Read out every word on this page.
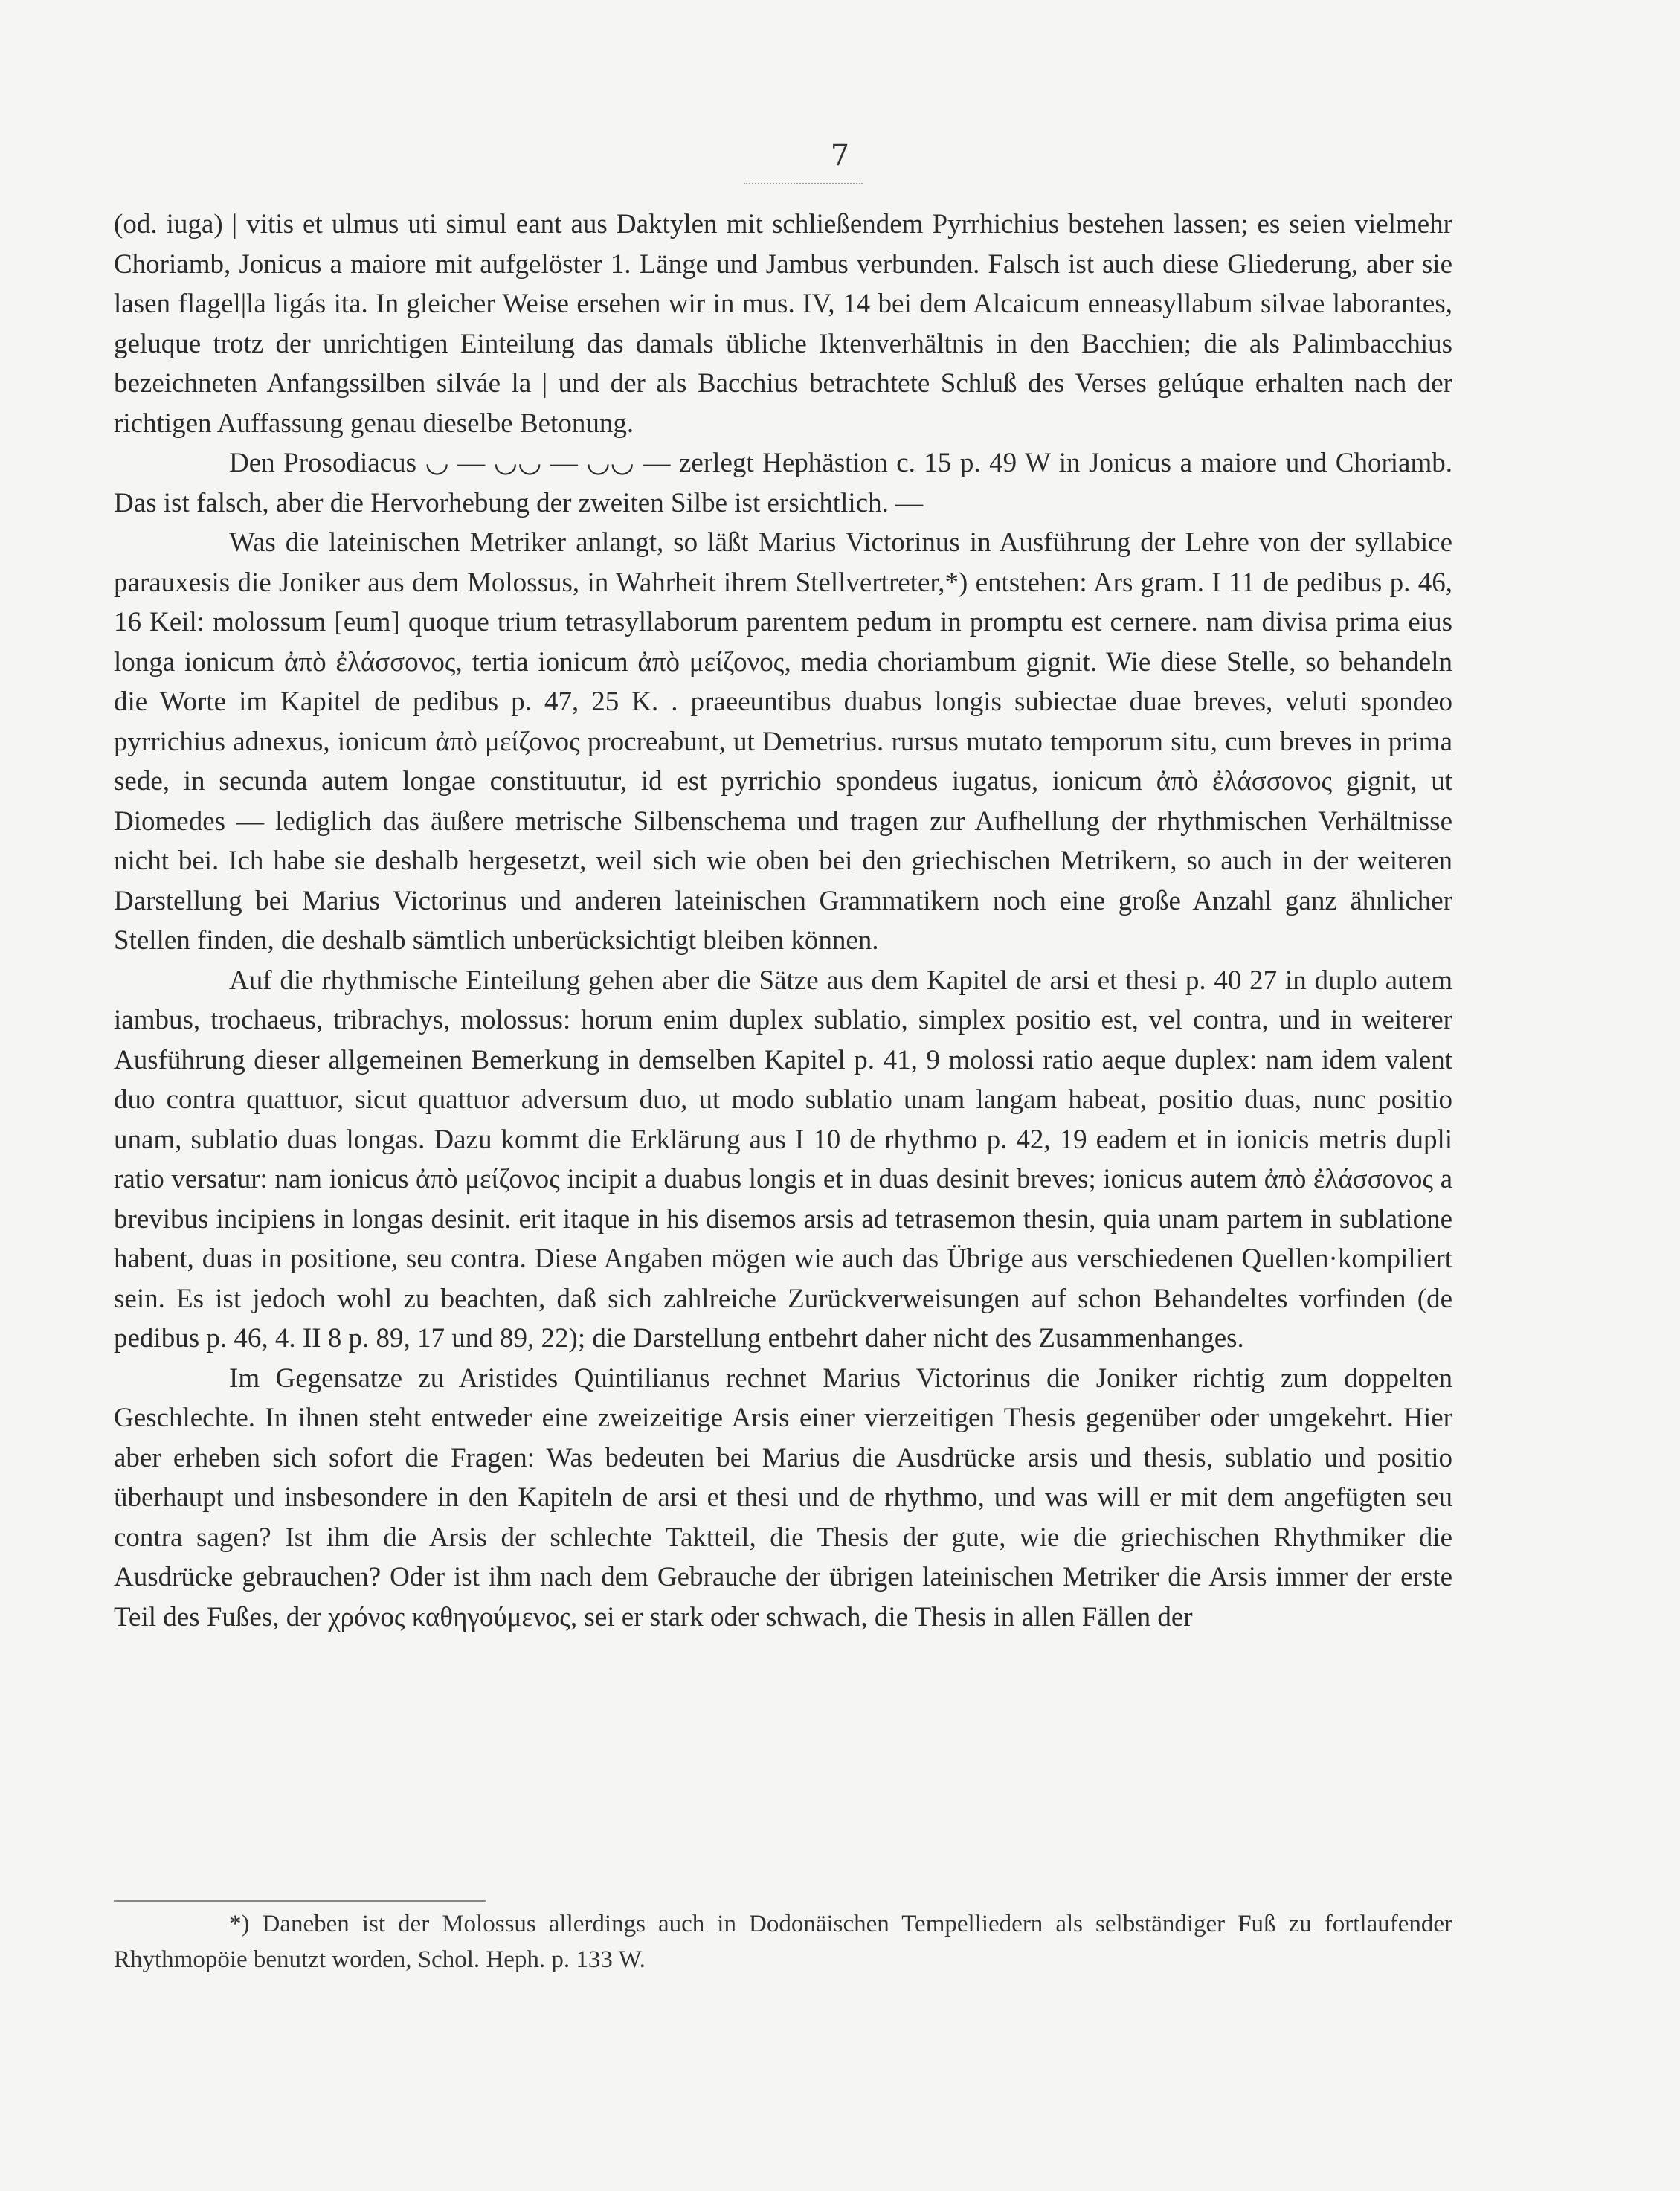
7

(od. iuga) | vitis et ulmus uti simul eant aus Daktylen mit schließendem Pyrrhichius bestehen lassen; es seien vielmehr Choriamb, Jonicus a maiore mit aufgelöster 1. Länge und Jambus verbunden. Falsch ist auch diese Gliederung, aber sie lasen flagel|la ligás ita. In gleicher Weise ersehen wir in mus. IV, 14 bei dem Alcaicum enneasyllabum silvae laborantes, geluque trotz der unrichtigen Einteilung das damals übliche Iktenverhältnis in den Bacchien; die als Palimbacchius bezeichneten Anfangssilben silváe la | und der als Bacchius betrachtete Schluß des Verses gelúque erhalten nach der richtigen Auffassung genau dieselbe Betonung.

Den Prosodiacus ◡ — ◡◡ — ◡◡ — zerlegt Hephästion c. 15 p. 49 W in Jonicus a maiore und Choriamb. Das ist falsch, aber die Hervorhebung der zweiten Silbe ist ersichtlich. —

Was die lateinischen Metriker anlangt, so läßt Marius Victorinus in Ausführung der Lehre von der syllabice parauxesis die Joniker aus dem Molossus, in Wahrheit ihrem Stellvertreter,*) entstehen: Ars gram. I 11 de pedibus p. 46, 16 Keil: molossum [eum] quoque trium tetrasyllaborum parentem pedum in promptu est cernere. nam divisa prima eius longa ionicum ἀπὸ ἐλάσσονος, tertia ionicum ἀπὸ μείζονος, media choriambum gignit. Wie diese Stelle, so behandeln die Worte im Kapitel de pedibus p. 47, 25 K. . praeeuntibus duabus longis subiectae duae breves, veluti spondeo pyrrichius adnexus, ionicum ἀπὸ μείζονος procreabunt, ut Demetrius. rursus mutato temporum situ, cum breves in prima sede, in secunda autem longae constituutur, id est pyrrichio spondeus iugatus, ionicum ἀπὸ ἐλάσσονος gignit, ut Diomedes — lediglich das äußere metrische Silbenschema und tragen zur Aufhellung der rhythmischen Verhältnisse nicht bei. Ich habe sie deshalb hergesetzt, weil sich wie oben bei den griechischen Metrikern, so auch in der weiteren Darstellung bei Marius Victorinus und anderen lateinischen Grammatikern noch eine große Anzahl ganz ähnlicher Stellen finden, die deshalb sämtlich unberücksichtigt bleiben können.

Auf die rhythmische Einteilung gehen aber die Sätze aus dem Kapitel de arsi et thesi p. 40 27 in duplo autem iambus, trochaeus, tribrachys, molossus: horum enim duplex sublatio, simplex positio est, vel contra, und in weiterer Ausführung dieser allgemeinen Bemerkung in demselben Kapitel p. 41, 9 molossi ratio aeque duplex: nam idem valent duo contra quattuor, sicut quattuor adversum duo, ut modo sublatio unam langam habeat, positio duas, nunc positio unam, sublatio duas longas. Dazu kommt die Erklärung aus I 10 de rhythmo p. 42, 19 eadem et in ionicis metris dupli ratio versatur: nam ionicus ἀπὸ μείζονος incipit a duabus longis et in duas desinit breves; ionicus autem ἀπὸ ἐλάσσονος a brevibus incipiens in longas desinit. erit itaque in his disemos arsis ad tetrasemon thesin, quia unam partem in sublatione habent, duas in positione, seu contra. Diese Angaben mögen wie auch das Übrige aus verschiedenen Quellen·kompiliert sein. Es ist jedoch wohl zu beachten, daß sich zahlreiche Zurückverweisungen auf schon Behandeltes vorfinden (de pedibus p. 46, 4. II 8 p. 89, 17 und 89, 22); die Darstellung entbehrt daher nicht des Zusammenhanges.

Im Gegensatze zu Aristides Quintilianus rechnet Marius Victorinus die Joniker richtig zum doppelten Geschlechte. In ihnen steht entweder eine zweizeitige Arsis einer vierzeitigen Thesis gegenüber oder umgekehrt. Hier aber erheben sich sofort die Fragen: Was bedeuten bei Marius die Ausdrücke arsis und thesis, sublatio und positio überhaupt und insbesondere in den Kapiteln de arsi et thesi und de rhythmo, und was will er mit dem angefügten seu contra sagen? Ist ihm die Arsis der schlechte Taktteil, die Thesis der gute, wie die griechischen Rhythmiker die Ausdrücke gebrauchen? Oder ist ihm nach dem Gebrauche der übrigen lateinischen Metriker die Arsis immer der erste Teil des Fußes, der χρόνος καθηγούμενος, sei er stark oder schwach, die Thesis in allen Fällen der

*) Daneben ist der Molossus allerdings auch in Dodonäischen Tempelliedern als selbständiger Fuß zu fortlaufender Rhythmopöie benutzt worden, Schol. Heph. p. 133 W.
